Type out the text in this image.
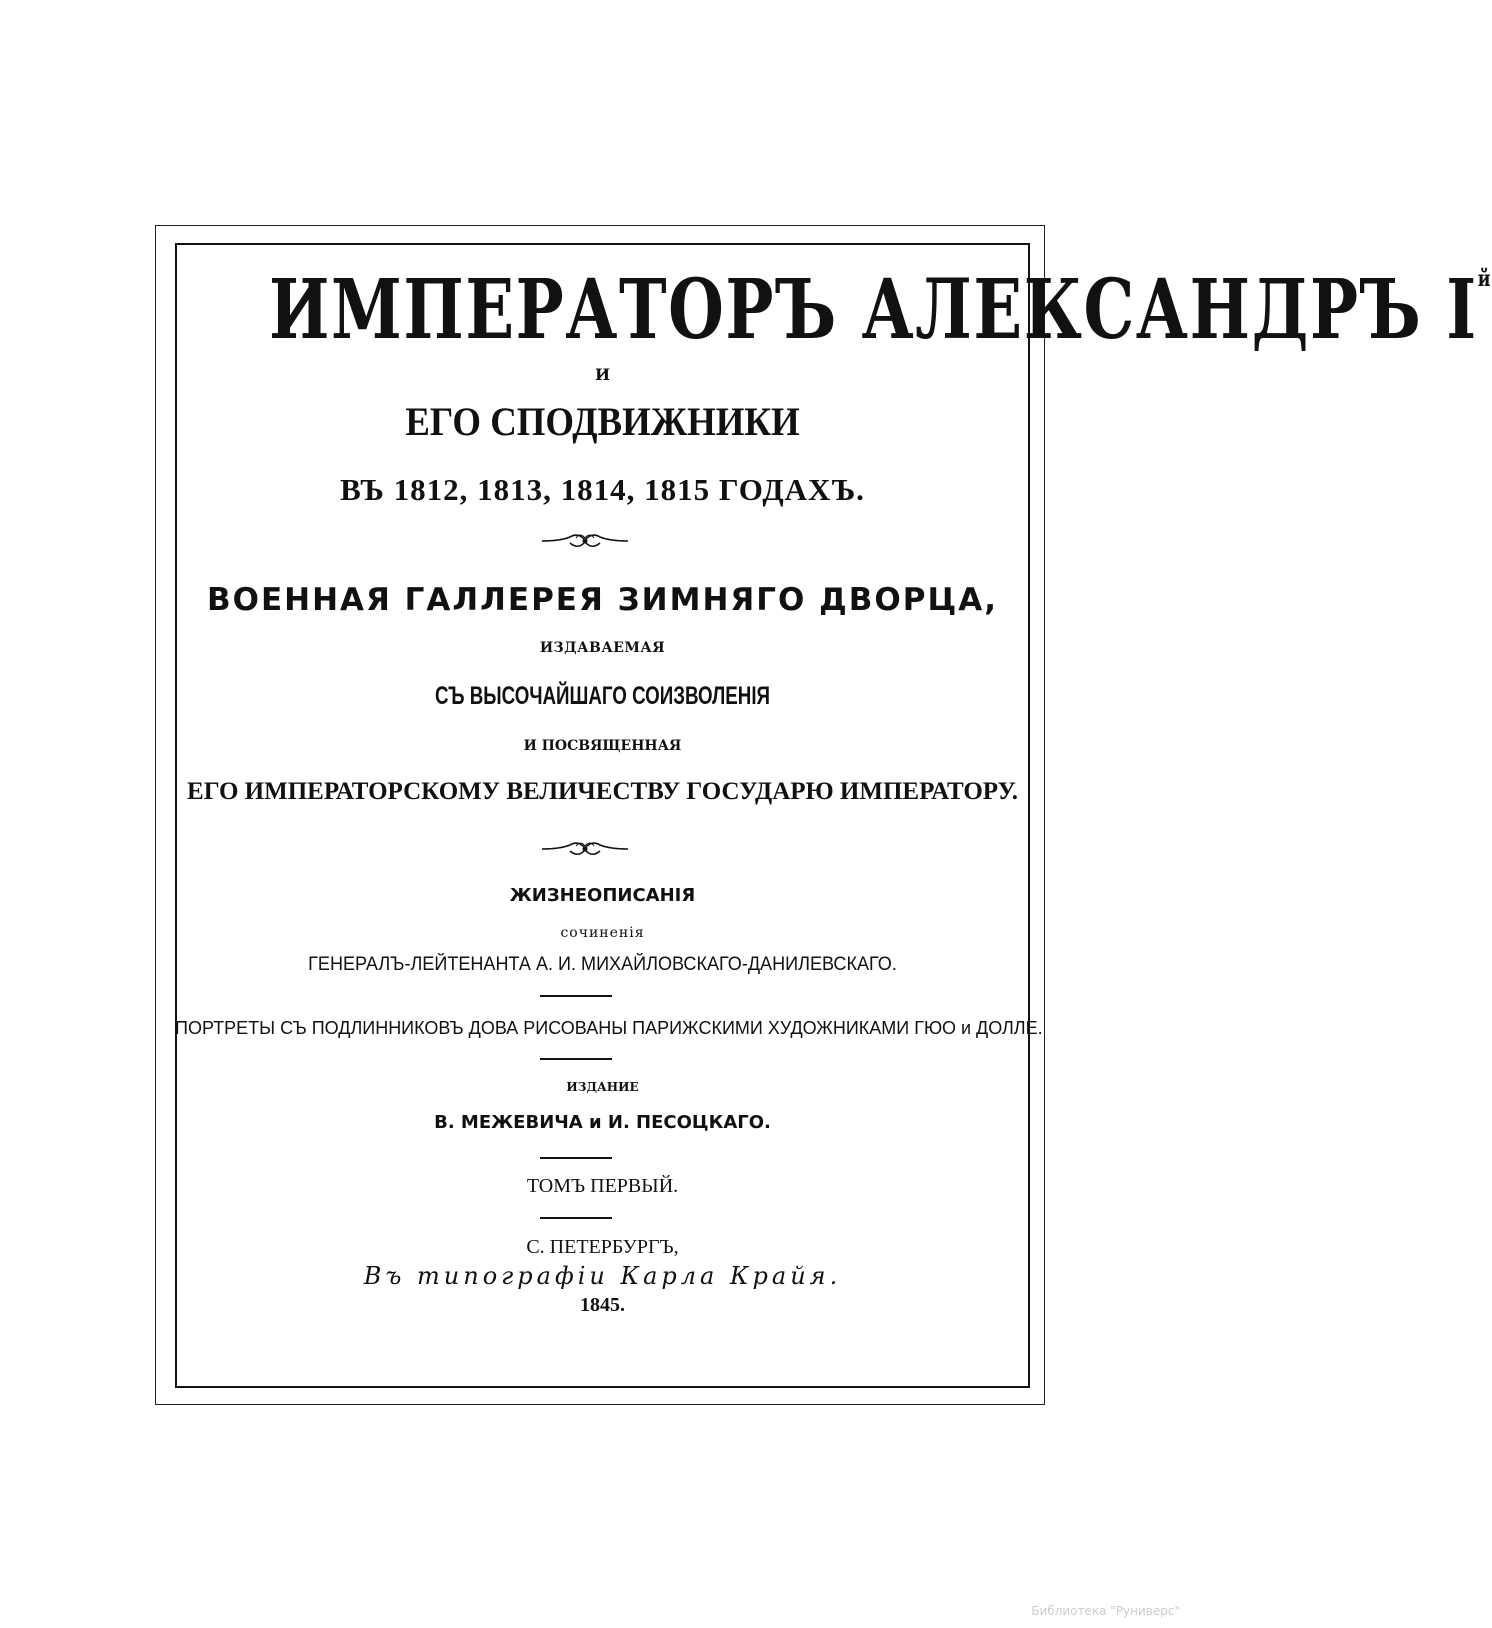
ИМПЕРАТОРЪ АЛЕКСАНДРЪ $I^й$
И
ЕГО СПОДВИЖНИКИ
ВЪ 1812, 1813, 1814, 1815 ГОДАХЪ.
ВОЕННАЯ ГАЛЛЕРЕЯ ЗИМНЯГО ДВОРЦА,
ИЗДАВАЕМАЯ
СЪ ВЫСОЧАЙШАГО СОИЗВОЛЕНІЯ
И ПОСВЯЩЕННАЯ
ЕГО ИМПЕРАТОРСКОМУ ВЕЛИЧЕСТВУ ГОСУДАРЮ ИМПЕРАТОРУ.
ЖИЗНЕОПИСАНІЯ
сочиненія
ГЕНЕРАЛЪ-ЛЕЙТЕНАНТА А. И. МИХАЙЛОВСКАГО-ДАНИЛЕВСКАГО.
ПОРТРЕТЫ СЪ ПОДЛИННИКОВЪ ДОВА РИСОВАНЫ ПАРИЖСКИМИ ХУДОЖНИКАМИ ГЮО и ДОЛЛЕ.
ИЗДАНИЕ
В. МЕЖЕВИЧА и И. ПЕСОЦКАГО.
ТОМЪ ПЕРВЫЙ.
С. ПЕТЕРБУРГЪ,
Въ типографіи Карла Крайя.
1845.
Библиотека "Руниверс"
